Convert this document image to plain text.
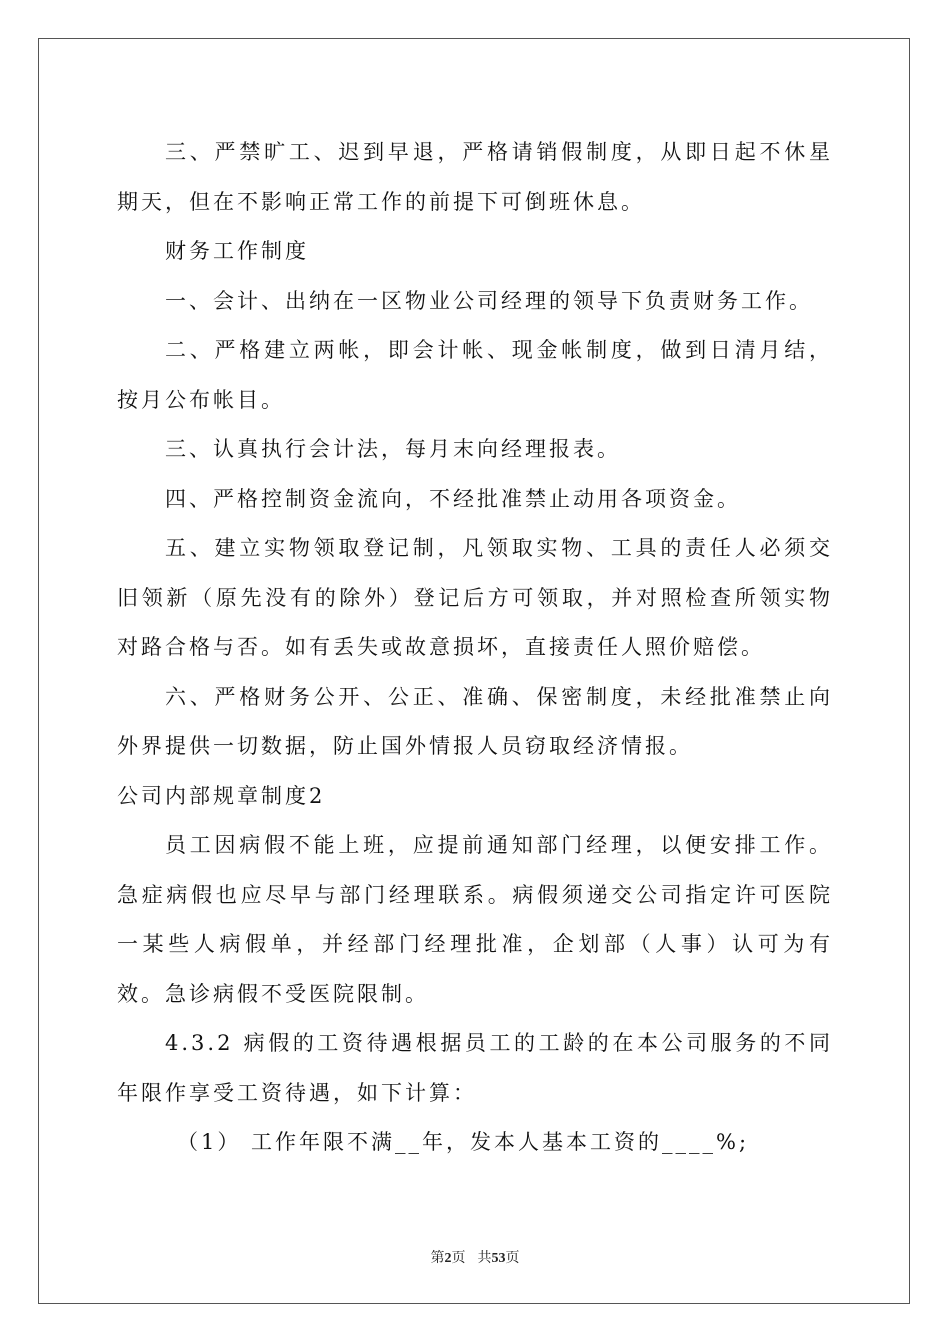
三、严禁旷工、迟到早退，严格请销假制度，从即日起不休星期天，但在不影响正常工作的前提下可倒班休息。

财务工作制度

一、会计、出纳在一区物业公司经理的领导下负责财务工作。

二、严格建立两帐，即会计帐、现金帐制度，做到日清月结，按月公布帐目。

三、认真执行会计法，每月末向经理报表。

四、严格控制资金流向，不经批准禁止动用各项资金。

五、建立实物领取登记制，凡领取实物、工具的责任人必须交旧领新（原先没有的除外）登记后方可领取，并对照检查所领实物对路合格与否。如有丢失或故意损坏，直接责任人照价赔偿。

六、严格财务公开、公正、准确、保密制度，未经批准禁止向外界提供一切数据，防止国外情报人员窃取经济情报。

公司内部规章制度2

员工因病假不能上班，应提前通知部门经理，以便安排工作。急症病假也应尽早与部门经理联系。病假须递交公司指定许可医院一某些人病假单，并经部门经理批准，企划部（人事）认可为有效。急诊病假不受医院限制。

4.3.2 病假的工资待遇根据员工的工龄的在本公司服务的不同年限作享受工资待遇，如下计算：

（1） 工作年限不满__年，发本人基本工资的____%;

第2页 共53页
